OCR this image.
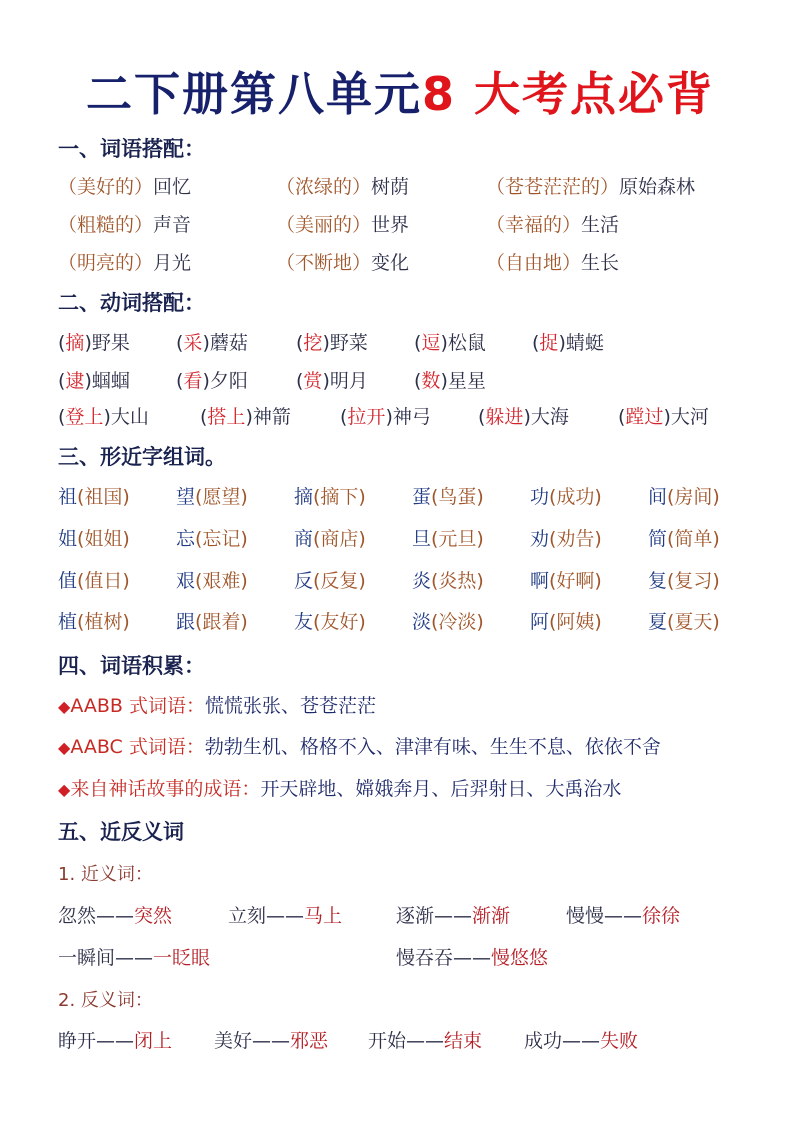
二下册第八单元8 大考点必背
一、词语搭配：
（美好的）回忆	（浓绿的）树荫	（苍苍茫茫的）原始森林
（粗糙的）声音	（美丽的）世界	（幸福的）生活
（明亮的）月光	（不断地）变化	（自由地）生长
二、动词搭配：
(摘)野果 (采)蘑菇	(挖)野菜 (逗)松鼠 (捉)蜻蜓
(逮)蝈蝈 (看)夕阳	(赏)明月 (数)星星
(登上)大山	(搭上)神箭	(拉开)神弓 (躲进)大海	(蹚过)大河
三、形近字组词。
祖(祖国) 望(愿望) 摘(摘下) 蛋(鸟蛋) 功(成功) 间(房间)
姐(姐姐) 忘(忘记) 商(商店) 旦(元旦) 劝(劝告) 简(简单)
值(值日) 艰(艰难) 反(反复) 炎(炎热) 啊(好啊) 复(复习)
植(植树) 跟(跟着) 友(友好) 淡(冷淡) 阿(阿姨) 夏(夏天)
四、词语积累：
◆AABB 式词语：慌慌张张、苍苍茫茫
◆AABC 式词语：勃勃生机、格格不入、津津有味、生生不息、依依不舍
◆来自神话故事的成语：开天辟地、嫦娥奔月、后羿射日、大禹治水
五、近反义词
1. 近义词：
忽然——突然	立刻——马上	逐渐——渐渐	慢慢——徐徐
一瞬间——一眨眼	慢吞吞——慢悠悠
2. 反义词：
睁开——闭上 美好——邪恶 开始——结束 成功——失败
